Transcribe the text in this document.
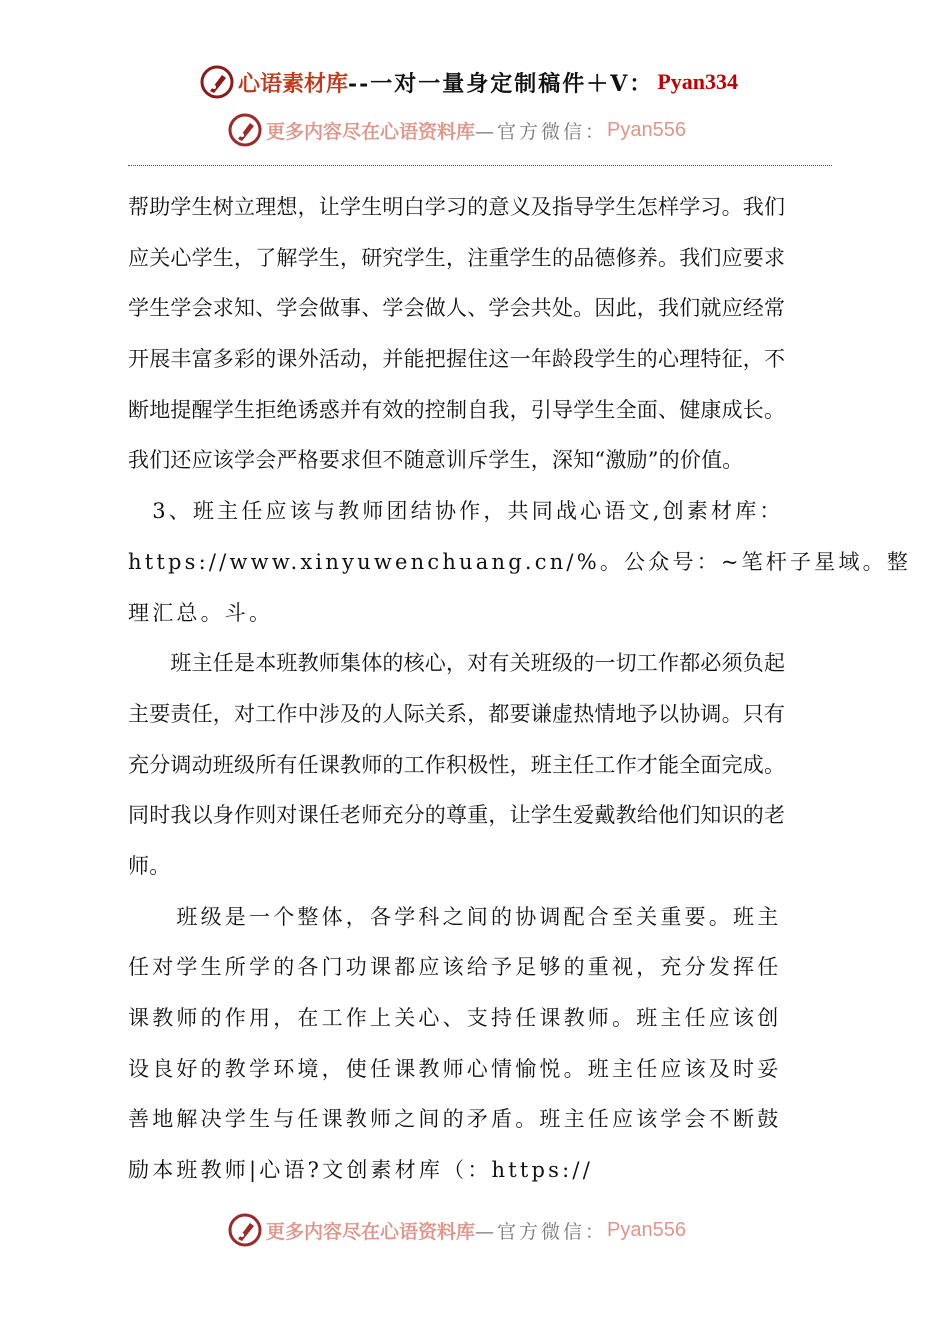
心语素材库 --一对一量身定制稿件＋V： Pyan334
更多内容尽在心语资料库 —官方微信： Pyan556
帮助学生树立理想，让学生明白学习的意义及指导学生怎样学习。我们
应关心学生，了解学生，研究学生，注重学生的品德修养。我们应要求
学生学会求知、学会做事、学会做人、学会共处。因此，我们就应经常
开展丰富多彩的课外活动，并能把握住这一年龄段学生的心理特征，不
断地提醒学生拒绝诱惑并有效的控制自我，引导学生全面、健康成长。
我们还应该学会严格要求但不随意训斥学生，深知“激励”的价值。
　3、班主任应该与教师团结协作，共同战心语文,创素材库：
https://www.xinyuwenchuang.cn/%。公众号：~笔杆子星域。整
理汇总。斗。
　　班主任是本班教师集体的核心，对有关班级的一切工作都必须负起
主要责任，对工作中涉及的人际关系，都要谦虚热情地予以协调。只有
充分调动班级所有任课教师的工作积极性，班主任工作才能全面完成。
同时我以身作则对课任老师充分的尊重，让学生爱戴教给他们知识的老
师。
　　班级是一个整体，各学科之间的协调配合至关重要。班主
任对学生所学的各门功课都应该给予足够的重视，充分发挥任
课教师的作用，在工作上关心、支持任课教师。班主任应该创
设良好的教学环境，使任课教师心情愉悦。班主任应该及时妥
善地解决学生与任课教师之间的矛盾。班主任应该学会不断鼓
励本班教师|心语?文创素材库（：https://
更多内容尽在心语资料库 —官方微信： Pyan556
